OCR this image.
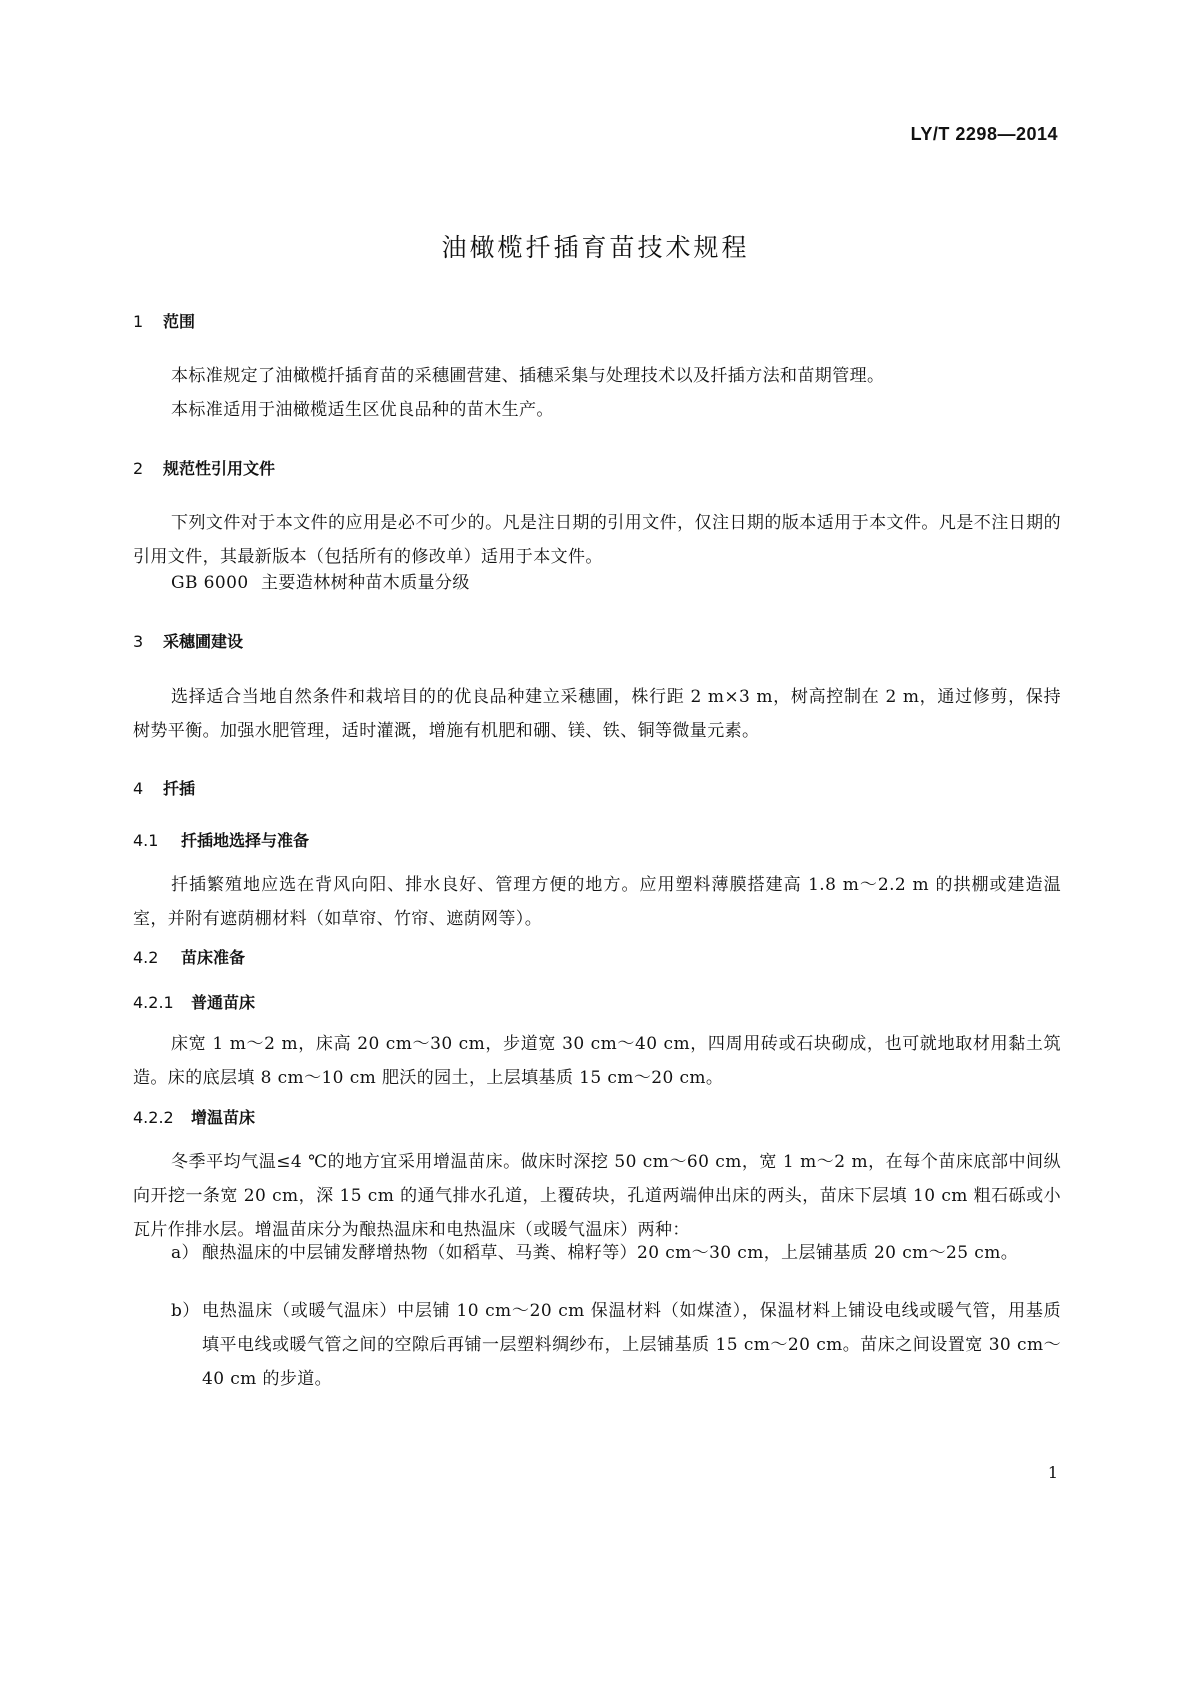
LY/T 2298—2014
油橄榄扦插育苗技术规程
1 范围
本标准规定了油橄榄扦插育苗的采穗圃营建、插穗采集与处理技术以及扦插方法和苗期管理。
本标准适用于油橄榄适生区优良品种的苗木生产。
2 规范性引用文件
下列文件对于本文件的应用是必不可少的。凡是注日期的引用文件，仅注日期的版本适用于本文件。凡是不注日期的引用文件，其最新版本（包括所有的修改单）适用于本文件。
GB 6000 主要造林树种苗木质量分级
3 采穗圃建设
选择适合当地自然条件和栽培目的的优良品种建立采穗圃，株行距 2 m×3 m，树高控制在 2 m，通过修剪，保持树势平衡。加强水肥管理，适时灌溉，增施有机肥和硼、镁、铁、铜等微量元素。
4 扦插
4.1 扦插地选择与准备
扦插繁殖地应选在背风向阳、排水良好、管理方便的地方。应用塑料薄膜搭建高 1.8 m～2.2 m 的拱棚或建造温室，并附有遮荫棚材料（如草帘、竹帘、遮荫网等）。
4.2 苗床准备
4.2.1 普通苗床
床宽 1 m～2 m，床高 20 cm～30 cm，步道宽 30 cm～40 cm，四周用砖或石块砌成，也可就地取材用黏土筑造。床的底层填 8 cm～10 cm 肥沃的园土，上层填基质 15 cm～20 cm。
4.2.2 增温苗床
冬季平均气温≤4 ℃的地方宜采用增温苗床。做床时深挖 50 cm～60 cm，宽 1 m～2 m，在每个苗床底部中间纵向开挖一条宽 20 cm，深 15 cm 的通气排水孔道，上覆砖块，孔道两端伸出床的两头，苗床下层填 10 cm 粗石砾或小瓦片作排水层。增温苗床分为酿热温床和电热温床（或暖气温床）两种：
a） 酿热温床的中层铺发酵增热物（如稻草、马粪、棉籽等）20 cm～30 cm，上层铺基质 20 cm～25 cm。
b） 电热温床（或暖气温床）中层铺 10 cm～20 cm 保温材料（如煤渣），保温材料上铺设电线或暖气管，用基质填平电线或暖气管之间的空隙后再铺一层塑料绸纱布，上层铺基质 15 cm～20 cm。苗床之间设置宽 30 cm～40 cm 的步道。
1
